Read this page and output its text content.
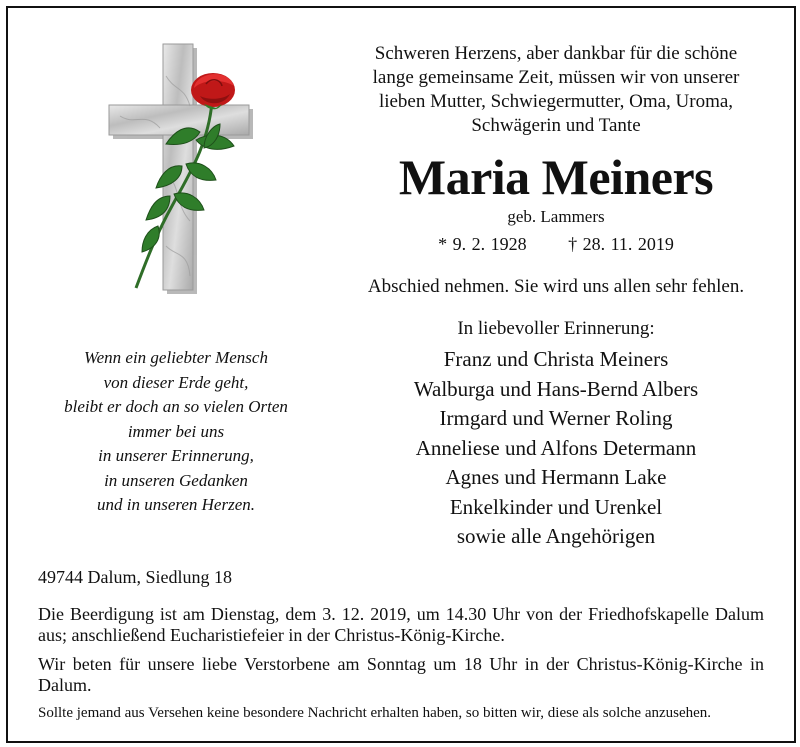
Schweren Herzens, aber dankbar für die schöne
lange gemeinsame Zeit, müssen wir von unserer
lieben Mutter, Schwiegermutter, Oma, Uroma,
Schwägerin und Tante
Maria Meiners
geb. Lammers
* 9. 2. 1928 † 28. 11. 2019
Abschied nehmen. Sie wird uns allen sehr fehlen.
In liebevoller Erinnerung:
Franz und Christa Meiners
Walburga und Hans-Bernd Albers
Irmgard und Werner Roling
Anneliese und Alfons Determann
Agnes und Hermann Lake
Enkelkinder und Urenkel
sowie alle Angehörigen
Wenn ein geliebter Mensch
von dieser Erde geht,
bleibt er doch an so vielen Orten
immer bei uns
in unserer Erinnerung,
in unseren Gedanken
und in unseren Herzen.
49744 Dalum, Siedlung 18
Die Beerdigung ist am Dienstag, dem 3. 12. 2019, um 14.30 Uhr von der Friedhofskapelle Dalum aus; anschließend Eucharistiefeier in der Christus-König-Kirche.
Wir beten für unsere liebe Verstorbene am Sonntag um 18 Uhr in der Christus-König-Kirche in Dalum.
Sollte jemand aus Versehen keine besondere Nachricht erhalten haben, so bitten wir, diese als solche anzusehen.
